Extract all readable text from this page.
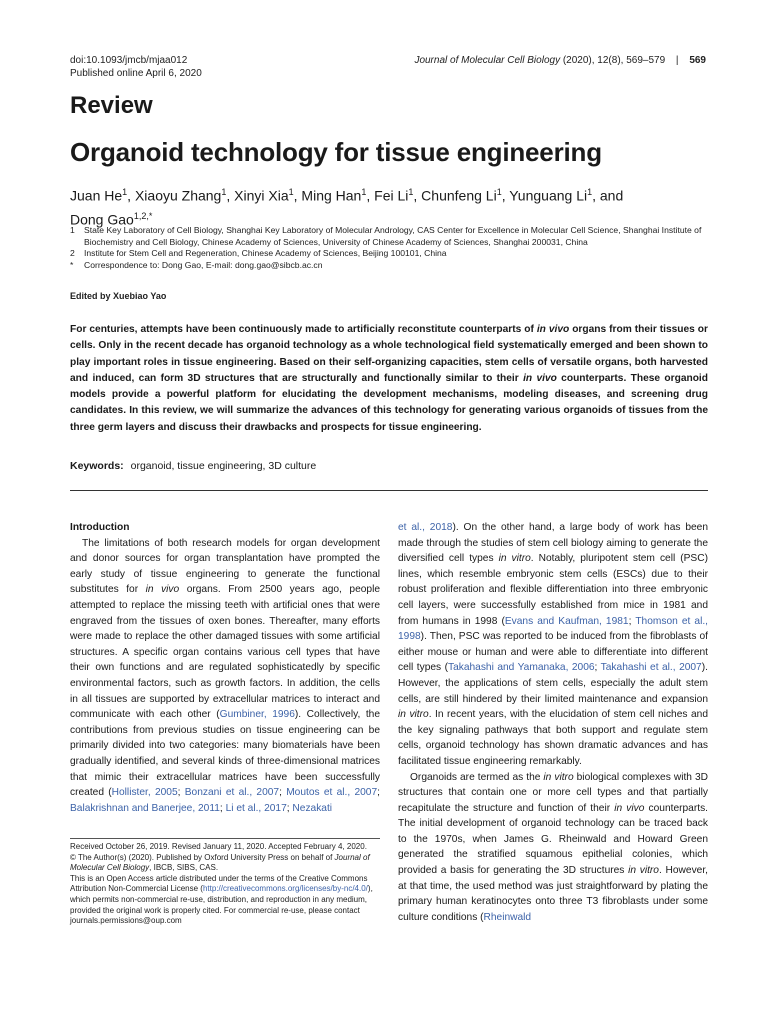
doi:10.1093/jmcb/mjaa012
Published online April 6, 2020
Journal of Molecular Cell Biology (2020), 12(8), 569–579 | 569
Review
Organoid technology for tissue engineering
Juan He$^1$, Xiaoyu Zhang$^1$, Xinyi Xia$^1$, Ming Han$^1$, Fei Li$^1$, Chunfeng Li$^1$, Yunguang Li$^1$, and
Dong Gao$^{1,2,*}$
1	State Key Laboratory of Cell Biology, Shanghai Key Laboratory of Molecular Andrology, CAS Center for Excellence in Molecular Cell Science, Shanghai Institute of Biochemistry and Cell Biology, Chinese Academy of Sciences, University of Chinese Academy of Sciences, Shanghai 200031, China
2	Institute for Stem Cell and Regeneration, Chinese Academy of Sciences, Beijing 100101, China
*	Correspondence to: Dong Gao, E-mail: dong.gao@sibcb.ac.cn
Edited by Xuebiao Yao
For centuries, attempts have been continuously made to artificially reconstitute counterparts of in vivo organs from their tissues or cells. Only in the recent decade has organoid technology as a whole technological field systematically emerged and been shown to play important roles in tissue engineering. Based on their self-organizing capacities, stem cells of versatile organs, both harvested and induced, can form 3D structures that are structurally and functionally similar to their in vivo counterparts. These organoid models provide a powerful platform for elucidating the development mechanisms, modeling diseases, and screening drug candidates. In this review, we will summarize the advances of this technology for generating various organoids of tissues from the three germ layers and discuss their drawbacks and prospects for tissue engineering.
Keywords: organoid, tissue engineering, 3D culture

Introduction

The limitations of both research models for organ development and donor sources for organ transplantation have prompted the early study of tissue engineering to generate the functional substitutes for in vivo organs. From 2500 years ago, people attempted to replace the missing teeth with artificial ones that were engraved from the tissues of oxen bones. Thereafter, many efforts were made to replace the other damaged tissues with some artificial structures. A specific organ contains various cell types that have their own functions and are regulated sophisticatedly by specific environmental factors, such as growth factors. In addition, the cells in all tissues are supported by extracellular matrices to interact and communicate with each other (Gumbiner, 1996). Collectively, the contributions from previous studies on tissue engineering can be primarily divided into two categories: many biomaterials have been gradually identified, and several kinds of three-dimensional matrices that mimic their extracellular matrices have been successfully created (Hollister, 2005; Bonzani et al., 2007; Moutos et al., 2007; Balakrishnan and Banerjee, 2011; Li et al., 2017; Nezakati

Received October 26, 2019. Revised January 11, 2020. Accepted February 4, 2020.

© The Author(s) (2020). Published by Oxford University Press on behalf of Journal of Molecular Cell Biology, IBCB, SIBS, CAS.

This is an Open Access article distributed under the terms of the Creative Commons Attribution Non-Commercial License (http://creativecommons.org/licenses/by-nc/4.0/), which permits non-commercial re-use, distribution, and reproduction in any medium, provided the original work is properly cited. For commercial re-use, please contact journals.permissions@oup.com

et al., 2018). On the other hand, a large body of work has been made through the studies of stem cell biology aiming to generate the diversified cell types in vitro. Notably, pluripotent stem cell (PSC) lines, which resemble embryonic stem cells (ESCs) due to their robust proliferation and flexible differentiation into three embryonic cell layers, were successfully established from mice in 1981 and from humans in 1998 (Evans and Kaufman, 1981; Thomson et al., 1998). Then, PSC was reported to be induced from the fibroblasts of either mouse or human and were able to differentiate into different cell types (Takahashi and Yamanaka, 2006; Takahashi et al., 2007). However, the applications of stem cells, especially the adult stem cells, are still hindered by their limited maintenance and expansion in vitro. In recent years, with the elucidation of stem cell niches and the key signaling pathways that both support and regulate stem cells, organoid technology has shown dramatic advances and has facilitated tissue engineering remarkably.

Organoids are termed as the in vitro biological complexes with 3D structures that contain one or more cell types and that partially recapitulate the structure and function of their in vivo counterparts. The initial development of organoid technology can be traced back to the 1970s, when James G. Rheinwald and Howard Green generated the stratified squamous epithelial colonies, which provided a basis for generating the 3D structures in vitro. However, at that time, the used method was just straightforward by plating the primary human keratinocytes onto three T3 fibroblasts under some culture conditions (Rheinwald
